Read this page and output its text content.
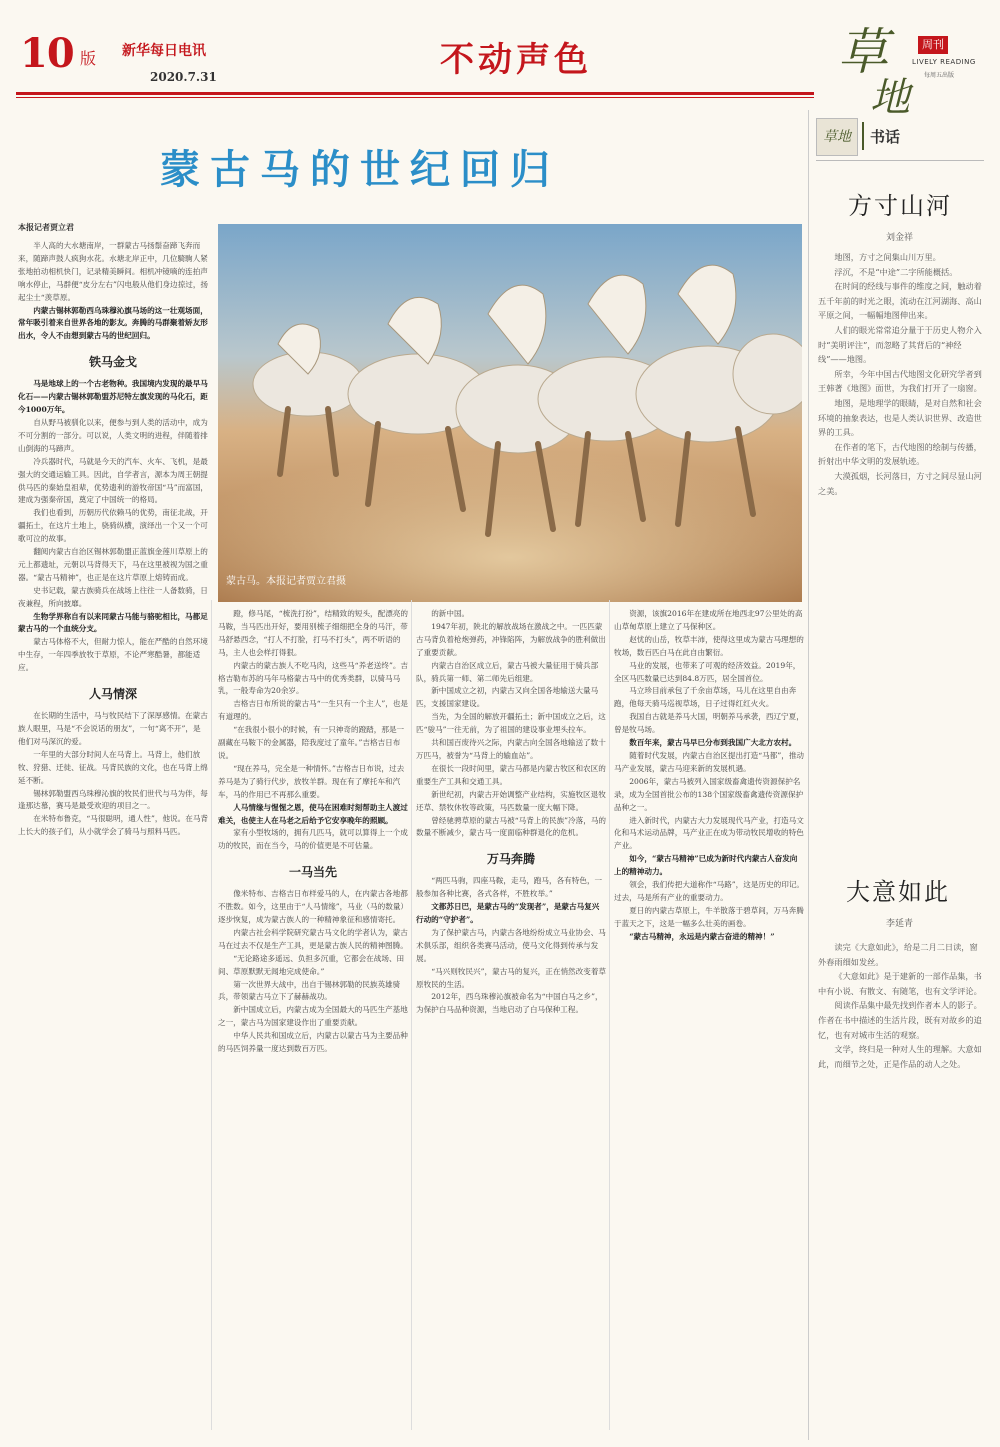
10 版 新华每日电讯
2020.7.31	不动声色	草
地
周刊
LIVELY READING
每周五出版
草地	书话
方寸山河
刘金祥

地图，方寸之间集山川万里。

浮沉，不是“中途”二字所能概括。

在时间的经线与事件的维度之间，触动着五千年前的时光之眼，流动在江河湖海、高山平原之间，一幅幅地图伸出来。

人们的眼光常常追分量于于历史人物介入时“美明评注”，而忽略了其背后的“神经线”——地图。

所幸，今年中国古代地图文化研究学者到王韩著《地图》面世，为我们打开了一扇窗。

地图，是地理学的眼睛，是对自然和社会环境的抽象表达，也是人类认识世界、改造世界的工具。

在作者的笔下，古代地图的绘制与传播，折射出中华文明的发展轨迹。

大漠孤烟，长河落日，方寸之间尽显山河之美。

大意如此
李延青

读完《大意如此》，给是二月二日读，窗外春雨细如发丝。

《大意如此》是于建新的一部作品集，书中有小说、有散文、有随笔，也有文学评论。

阅读作品集中最先找到作者本人的影子。作者在书中描述的生活片段，既有对故乡的追忆，也有对城市生活的观察。

文学，终归是一种对人生的理解。大意如此，而细节之处，正是作品的动人之处。

蒙古马的世纪回归
蒙古马。本报记者贾立君摄
本报记者贾立君

半人高的大水塘南岸，一群蒙古马扬鬃奋蹄飞奔而来，随蹄声鼓人疯狗水花。水塘北岸正中，几位騎駒人紧张地拍动相机快门，记录精美瞬间。相机冲镜嘀的连拍声响水停止，马群便“皮分左右”闪电般从他们身边掠过，扬起尘土“羡草原。

内蒙古锡林郭勒西乌珠穆沁旗马场的这一壮观场面，常年吸引着来自世界各地的影友。奔腾的马群聚着矫友形出水，令人不由想到蒙古马的世纪回归。

铁马金戈

马是地球上的一个古老物种。我国境内发现的最早马化石——内蒙古锡林郭勒盟苏尼特左旗发现的马化石，距今1000万年。

自从野马被驯化以来，便参与到人类的活动中，成为不可分割的一部分。可以说，人类文明的进程，伴随着排山倒海的马蹄声。

冷兵器时代，马就是今天的汽车、火车、飞机，是最强大的交通运输工具。因此，自学者言，源本为周王朝提供马匹的秦始皇祖辈，优势遗利的游牧帝国“马”而富国，建成为强秦帝国，奠定了中国统一的格局。

我们也看到，历朝历代依赖马的优势，南征北战，开疆拓土，在这片土地上，骁骑纵横，演绎出一个又一个可歌可泣的故事。

翻阅内蒙古自治区锡林郭勒盟正蓝旗金莲川草原上的元上都遗址，元朝以马背得天下，马在这里被视为国之重器。“蒙古马精神”，也正是在这片草原上熔铸而成。

史书记载，蒙古族骑兵在战场上往往一人备数骑，日夜兼程，所向披靡。

生物学界称自有以来同蒙古马能与骆驼相比，马都足蒙古马的一个血统分支。

蒙古马体格不大，但耐力惊人，能在严酷的自然环境中生存，一年四季放牧于草原，不论严寒酷暑，都能适应。

人马情深

在长期的生活中，马与牧民结下了深厚感情。在蒙古族人眼里，马是“不会说话的朋友”，一句“离不开”，是他们对马深沉的爱。

一年里的大部分时间人在马背上。马背上，他们放牧、狩猎、迁徙、征战。马背民族的文化，也在马背上绵延不断。

锡林郭勒盟西乌珠穆沁旗的牧民们世代与马为伴，每逢那达慕，赛马是最受欢迎的项目之一。

在米特布鲁克，“马很聪明，通人性”，他说。在马背上长大的孩子们，从小就学会了骑马与照料马匹。

蹬，修马尾，“梳洗打扮”，结精致的短头，配漂亮的马鞍，当马匹出开好，要用别梳子细细把全身的马汗，带马舒悬西念，“打人不打脸，打马不打头”，两不听语的马，主人也会样打得狠。

内蒙古的蒙古族人不吃马肉，这些马“养老送终”。吉格吉勒布苏的马年马格蒙古马中的优秀类群，以骑马马乳，一般寿命为20余岁。

吉格吉日布所说的蒙古马“一生只有一个主人”，也是有道理的。

“在我很小很小的时候，有一只神奇的蹬踏，那是一副藏在马鞍下的金属器，陪我度过了童年。”吉格吉日布说。

“现在养马，完全是一种情怀。”吉格吉日布说，过去养马是为了骑行代步，放牧羊群。现在有了摩托车和汽车，马的作用已不再那么重要。

人马情缘与惺惺之恩，使马在困难时刻帮助主人渡过难关，也使主人在马老之后给予它安享晚年的照顾。

家有小型牧场的，拥有几匹马，就可以算得上一个成功的牧民，而在当今，马的价值更是不可估量。

一马当先

像米特布、吉格吉日布样爱马的人，在内蒙古各地都不胜数。如今，这里由于“人马情缘”，马业（马的数量）逐步恢复，成为蒙古族人的一种精神象征和感情寄托。

内蒙古社会科学院研究蒙古马文化的学者认为，蒙古马在过去不仅是生产工具，更是蒙古族人民的精神图腾。

“无论路途多遥远、负担多沉重，它都会在战场、田间、草原默默无闻地完成使命。”

第一次世界大战中，出自于锡林郭勒的民族英雄骑兵，带领蒙古马立下了赫赫战功。

新中国成立后，内蒙古成为全国最大的马匹生产基地之一，蒙古马为国家建设作出了重要贡献。

中华人民共和国成立后，内蒙古以蒙古马为主要品种的马匹饲养量一度达到数百万匹。

的新中国。

1947年初，陕北的解放战场在激战之中。一匹匹蒙古马背负着枪炮弹药，冲锋陷阵，为解放战争的胜利做出了重要贡献。

内蒙古自治区成立后，蒙古马被大量征用于骑兵部队，骑兵第一师、第二师先后组建。

新中国成立之初，内蒙古又向全国各地输送大量马匹，支援国家建设。

当先，为全国的解放开疆拓土；新中国成立之后，这匹“骏马”一往无前，为了祖国的建设事业埋头拉车。

共和国百废待兴之际，内蒙古向全国各地输送了数十万匹马，被誉为“马背上的输血站”。

在很长一段时间里，蒙古马都是内蒙古牧区和农区的重要生产工具和交通工具。

新世纪初，内蒙古开始调整产业结构，实施牧区退牧还草、禁牧休牧等政策，马匹数量一度大幅下降。

曾经驰骋草原的蒙古马被“马背上的民族”冷落，马的数量不断减少，蒙古马一度面临种群退化的危机。

万马奔腾

“两匹马驹，四座马鞍，走马，跑马，各有特色，一般参加各种比赛，各式各样，不胜枚举。”

文都苏日巴，是蒙古马的“发现者”，是蒙古马复兴行动的“守护者”。

为了保护蒙古马，内蒙古各地纷纷成立马业协会、马术俱乐部，组织各类赛马活动，使马文化得到传承与发展。

“马兴则牧民兴”，蒙古马的复兴，正在悄然改变着草原牧民的生活。

2012年，西乌珠穆沁旗被命名为“中国白马之乡”，为保护白马品种资源，当地启动了白马保种工程。

资源，该旗2016年在建成所在地西北97公里处的高山草甸草原上建立了马保种区。

赵忧的山岳，牧草丰沛，使得这里成为蒙古马理想的牧场，数百匹白马在此自由繁衍。

马业的发展，也带来了可观的经济效益。2019年，全区马匹数量已达到84.8万匹，居全国首位。

马立珍目前承包了千余亩草场，马儿在这里自由奔跑，他每天骑马巡视草场，日子过得红红火火。

我国自古就是养马大国，明朝养马承袭，西辽宁夏，曾是牧马场。

数百年来，蒙古马早已分布到我国广大北方农村。

随着时代发展，内蒙古自治区提出打造“马都”，推动马产业发展，蒙古马迎来新的发展机遇。

2006年，蒙古马被列入国家级畜禽遗传资源保护名录，成为全国首批公布的138个国家级畜禽遗传资源保护品种之一。

进入新时代，内蒙古大力发展现代马产业，打造马文化和马术运动品牌，马产业正在成为带动牧民增收的特色产业。

如今，“蒙古马精神”已成为新时代内蒙古人奋发向上的精神动力。

领会，我们传把大道称作“马路”，这是历史的印记。过去，马是所有产业的重要动力。

夏日的内蒙古草原上，牛羊散落于碧草间，万马奔腾于蓝天之下，这是一幅多么壮美的画卷。

“蒙古马精神，永远是内蒙古奋进的精神！”
